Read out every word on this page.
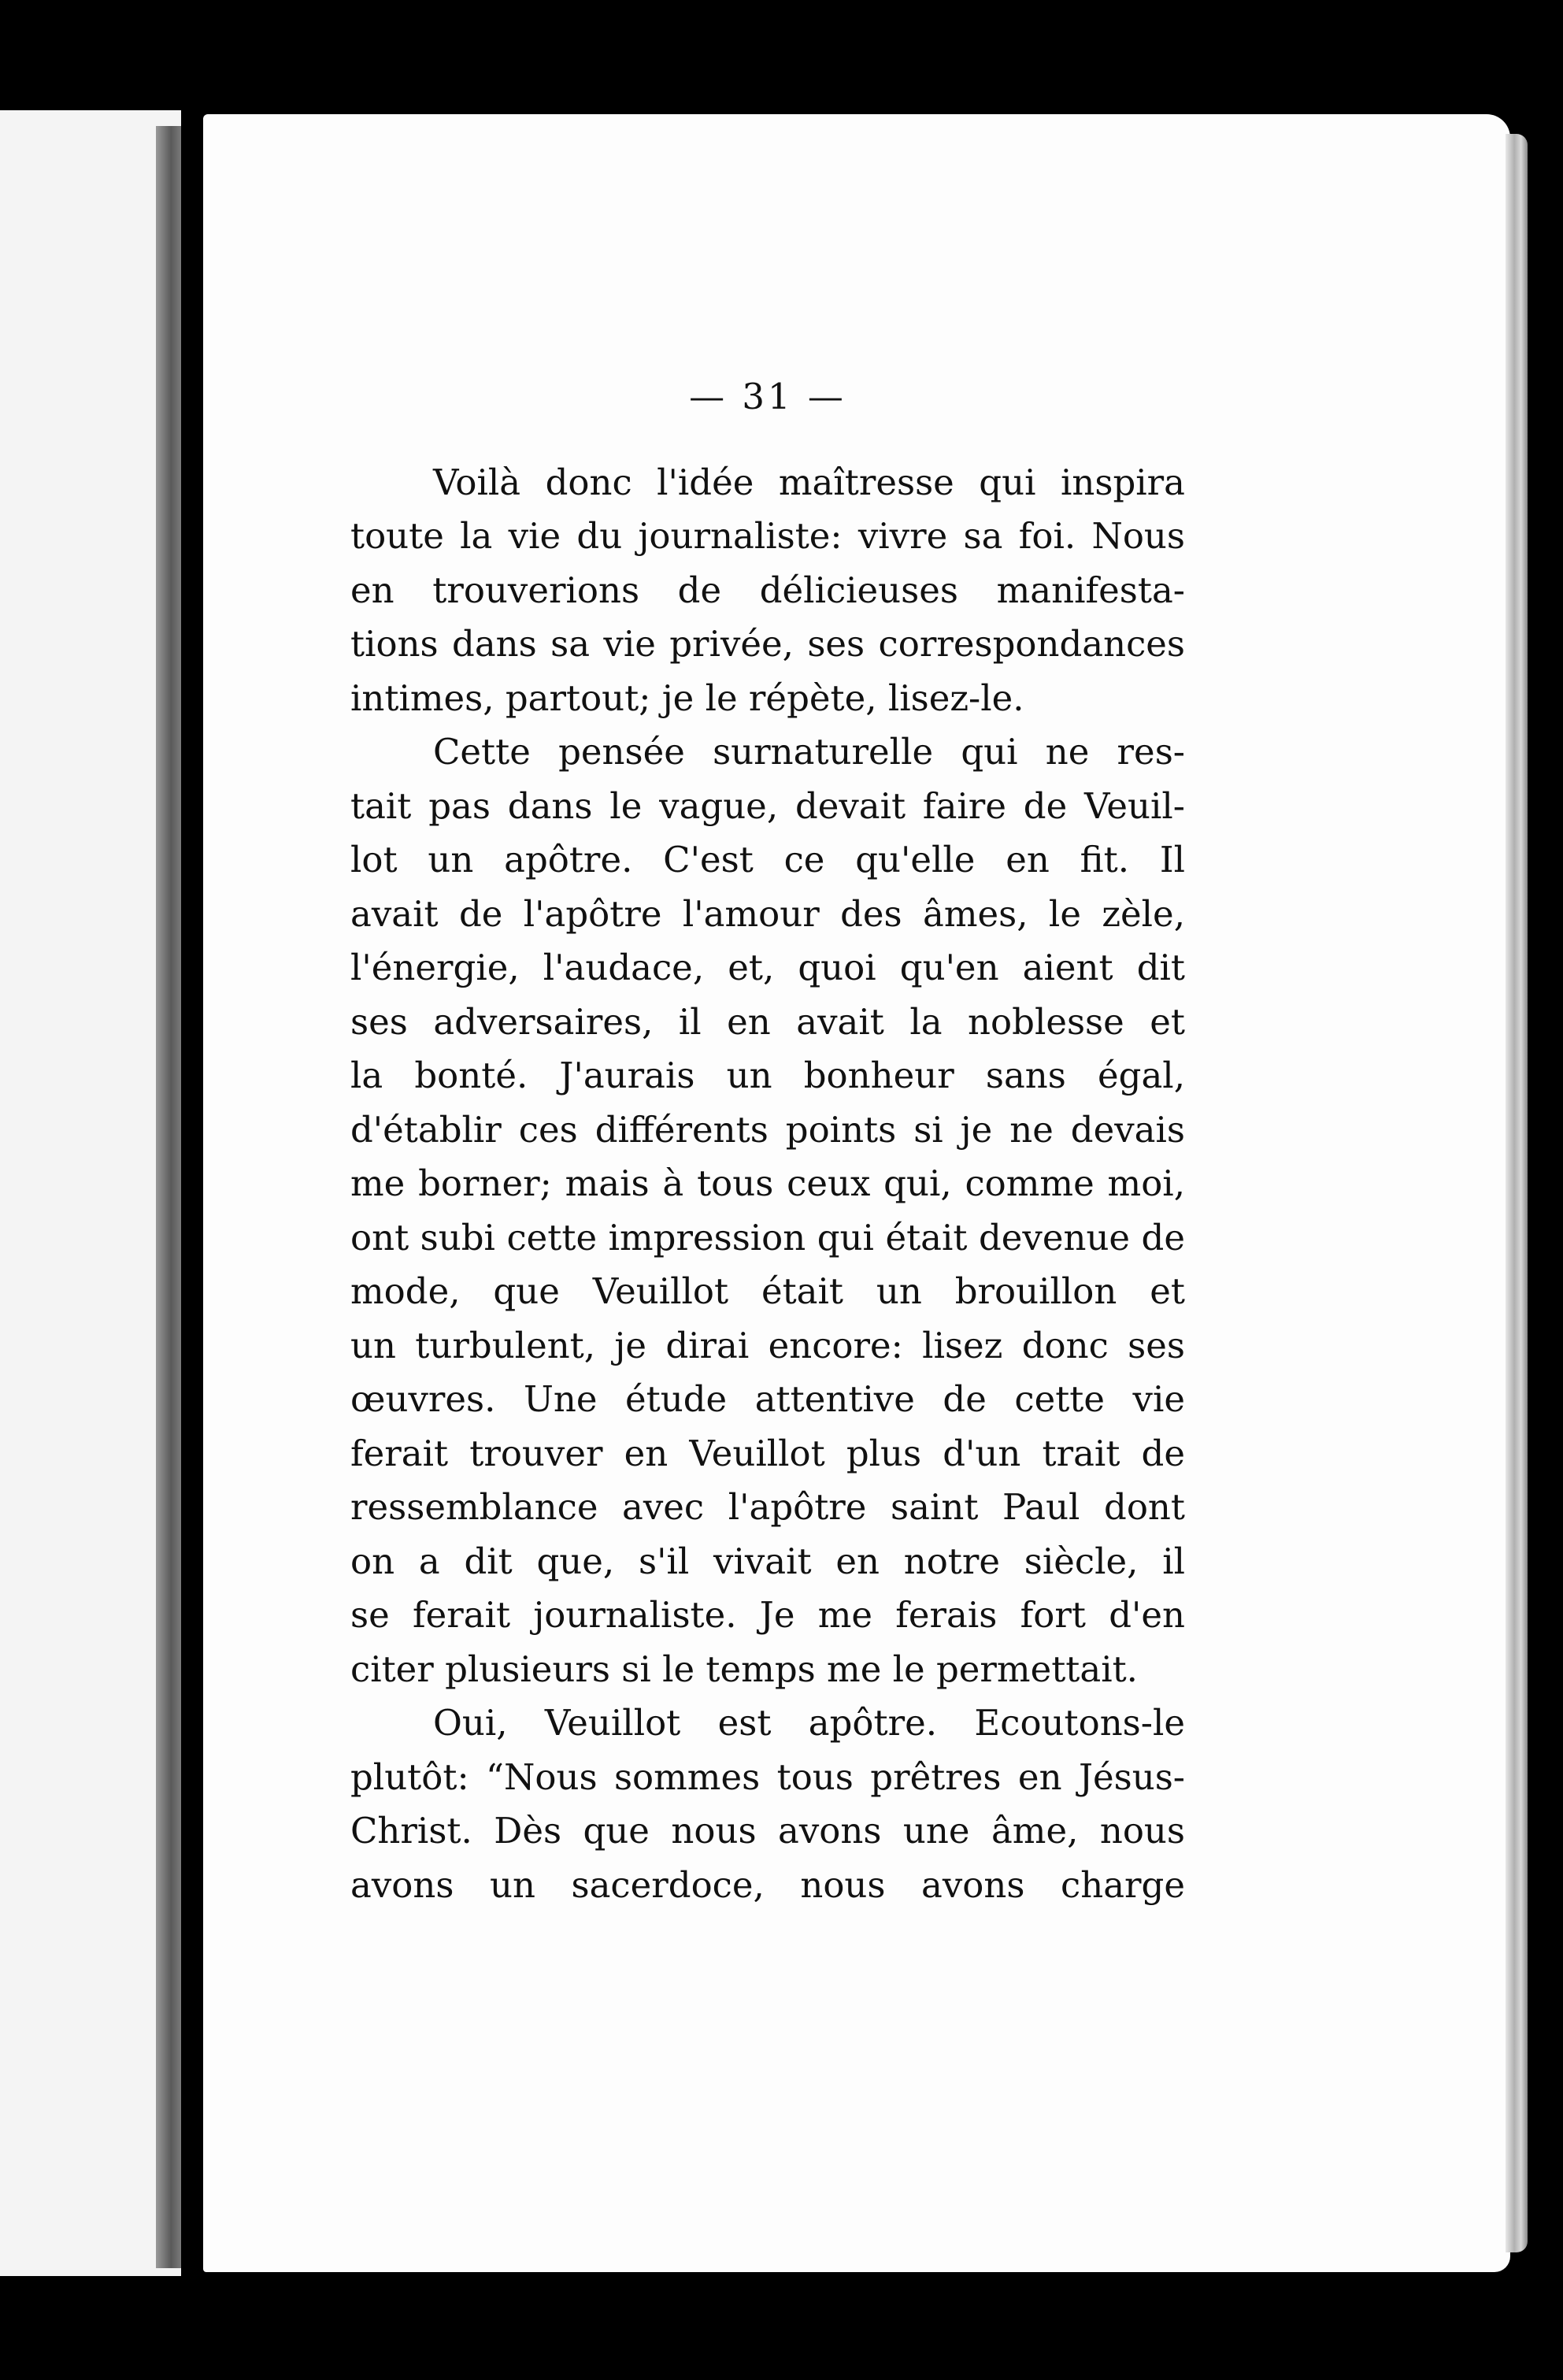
— 31 —
Voilà donc l'idée maîtresse qui inspira
toute la vie du journaliste: vivre sa foi. Nous
en trouverions de délicieuses manifesta-
tions dans sa vie privée, ses correspondances
intimes, partout; je le répète, lisez-le.
Cette pensée surnaturelle qui ne res-
tait pas dans le vague, devait faire de Veuil-
lot un apôtre. C'est ce qu'elle en fit. Il
avait de l'apôtre l'amour des âmes, le zèle,
l'énergie, l'audace, et, quoi qu'en aient dit
ses adversaires, il en avait la noblesse et
la bonté. J'aurais un bonheur sans égal,
d'établir ces différents points si je ne devais
me borner; mais à tous ceux qui, comme moi,
ont subi cette impression qui était devenue de
mode, que Veuillot était un brouillon et
un turbulent, je dirai encore: lisez donc ses
œuvres. Une étude attentive de cette vie
ferait trouver en Veuillot plus d'un trait de
ressemblance avec l'apôtre saint Paul dont
on a dit que, s'il vivait en notre siècle, il
se ferait journaliste. Je me ferais fort d'en
citer plusieurs si le temps me le permettait.
Oui, Veuillot est apôtre. Ecoutons-le
plutôt: “Nous sommes tous prêtres en Jésus-
Christ. Dès que nous avons une âme, nous
avons un sacerdoce, nous avons charge
